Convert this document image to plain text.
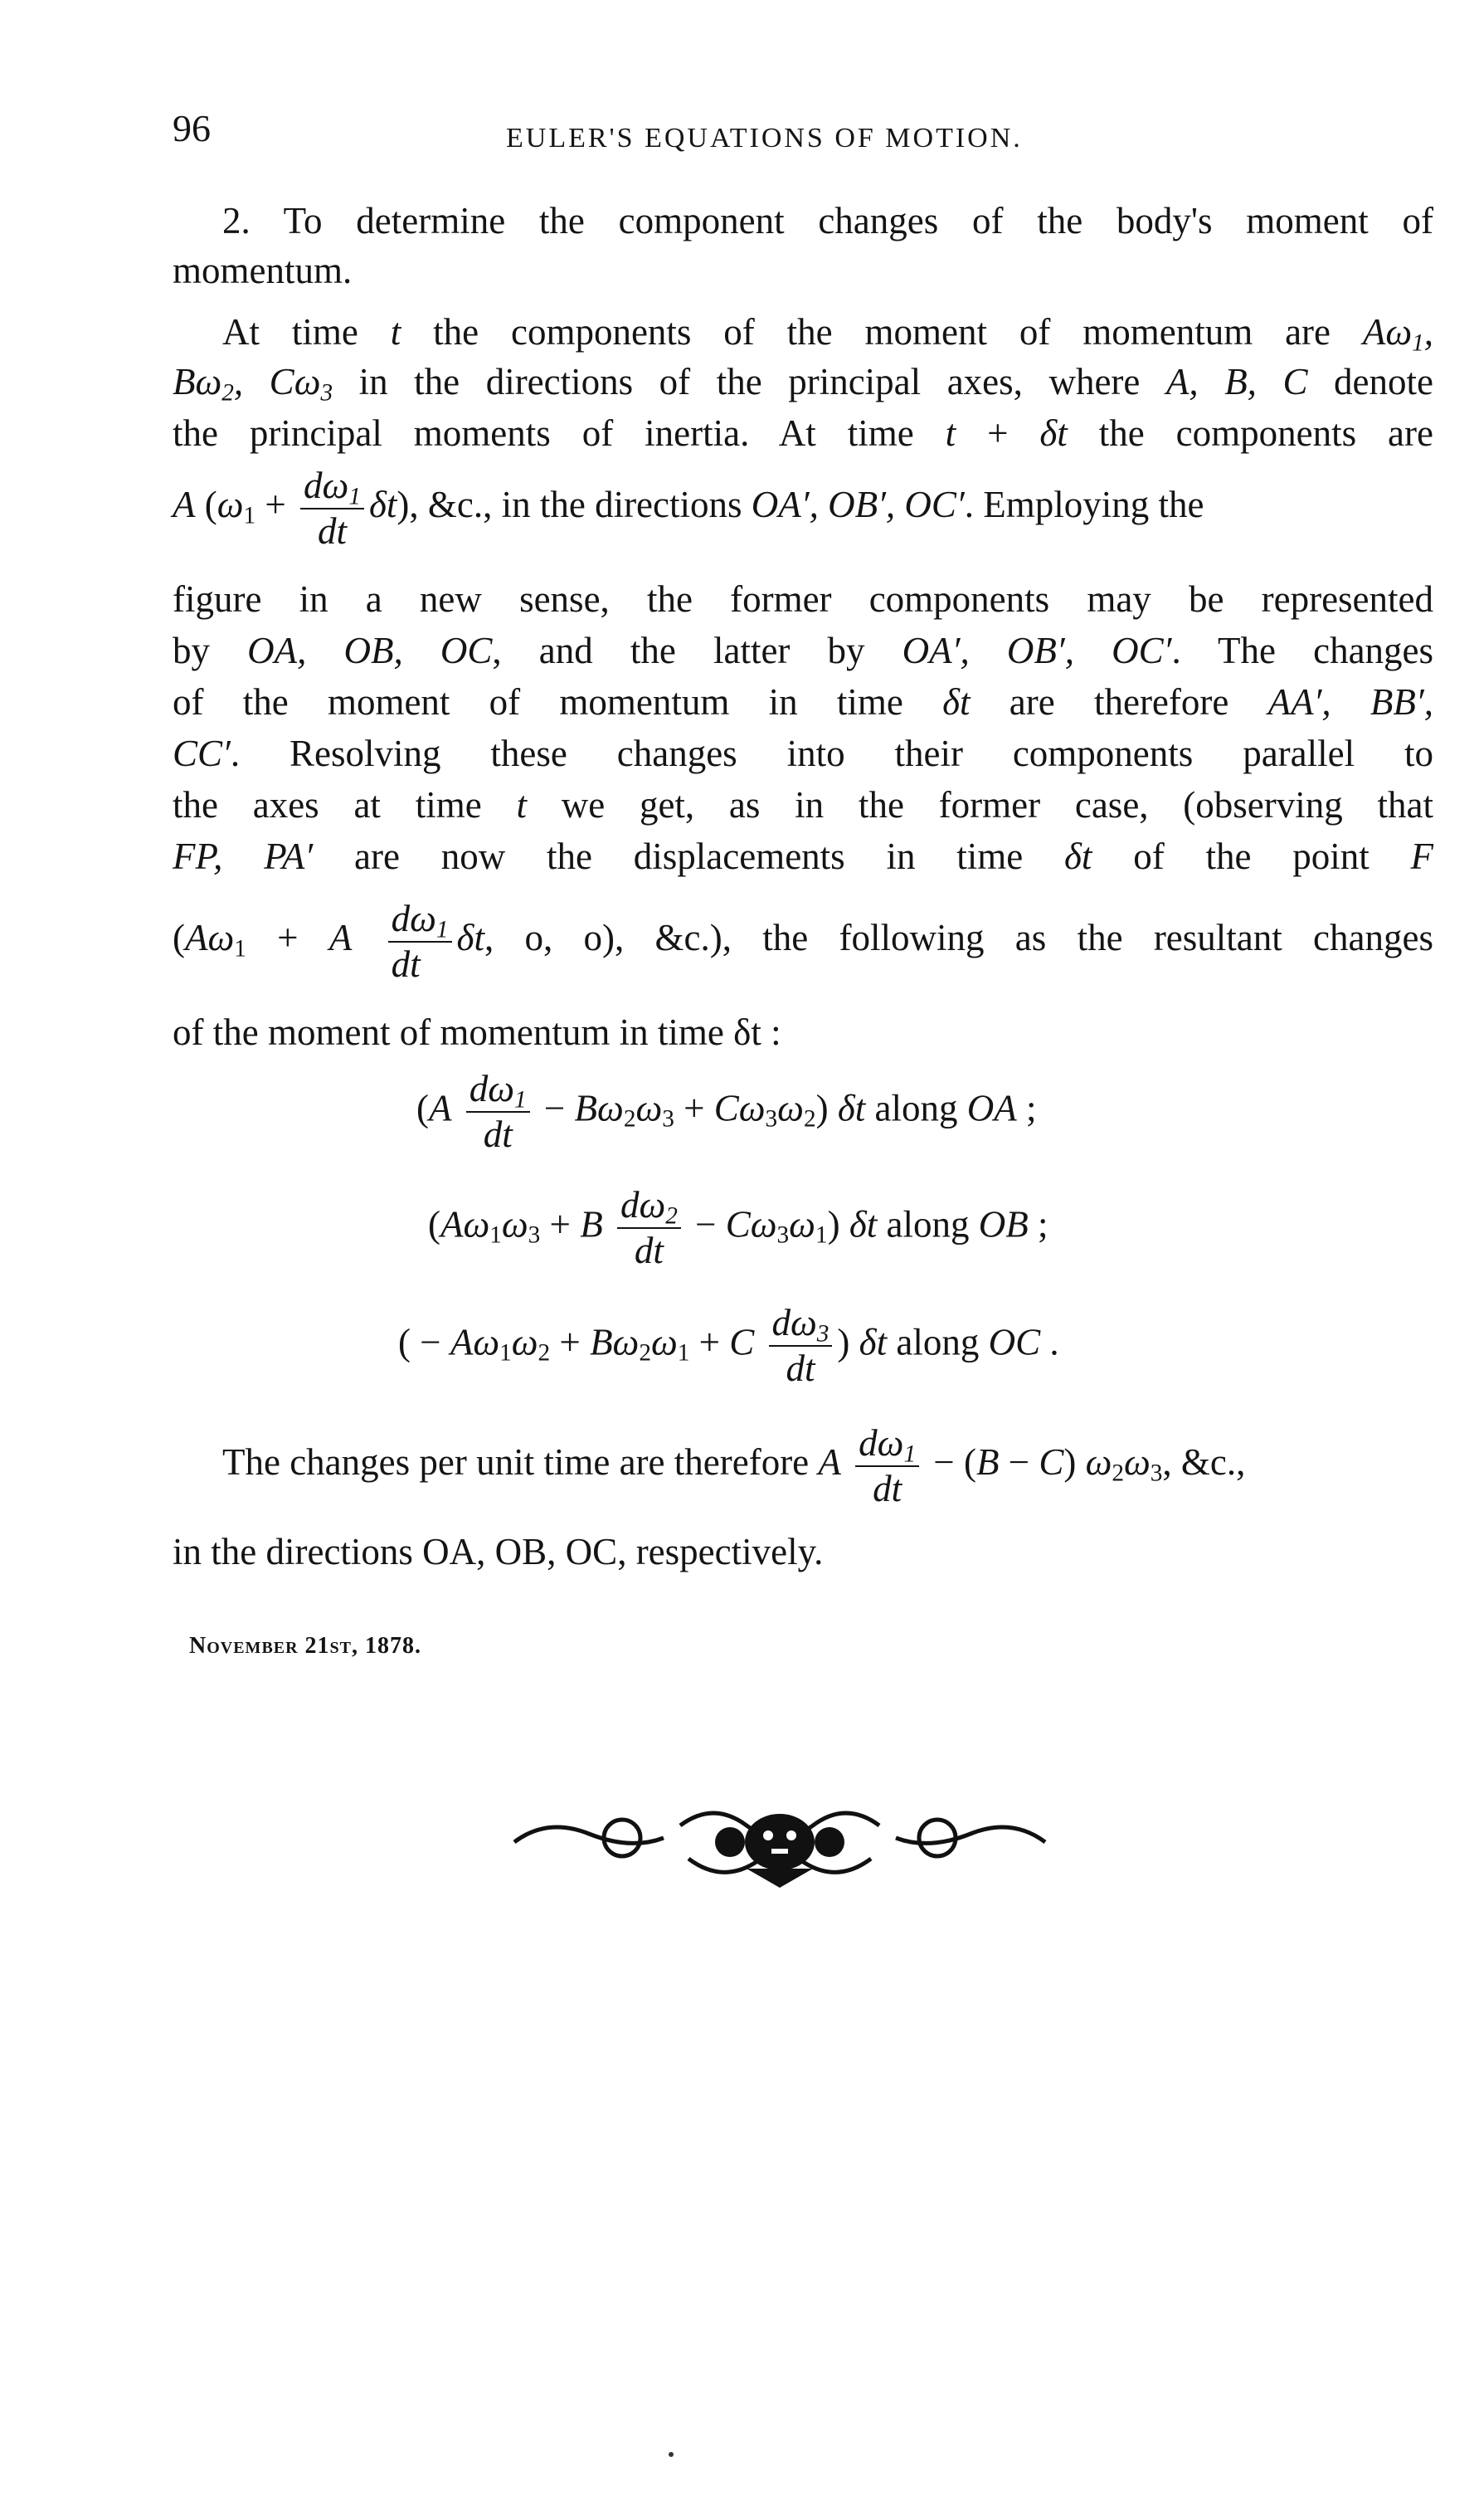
96	EULER'S EQUATIONS OF MOTION.
2. To determine the component changes of the body's moment of
momentum.
At time t the components of the moment of momentum are $A\omega_1$,
$B\omega_2$, $C\omega_3$ in the directions of the principal axes, where A, B, C denote
the principal moments of inertia. At time t + δt the components are
A $(\omega_1 + \frac{d\omega_1}{dt} \delta t)$, &c., in the directions OA′, OB′, OC′. Employing the
figure in a new sense, the former components may be represented
by OA, OB, OC, and the latter by OA′, OB′, OC′. The changes
of the moment of momentum in time δt are therefore AA′, BB′,
CC′. Resolving these changes into their components parallel to
the axes at time t we get, as in the former case, (observing that
FP, PA′ are now the displacements in time δt of the point F
($A\omega_1 + A \frac{d\omega_1}{dt} \delta t$, o, o), &c.), the following as the resultant changes
of the moment of momentum in time δt :
$(A \frac{d\omega_1}{dt} - B\omega_2\omega_3 + C\omega_3\omega_2)$ δt along OA ;
$(A\omega_1\omega_3 + B \frac{d\omega_2}{dt} - C\omega_3\omega_1)$ δt along OB ;
( − $A\omega_1\omega_2 + B\omega_2\omega_1 + C \frac{d\omega_3}{dt}$ ) δt along OC .
The changes per unit time are therefore A $\frac{d\omega_1}{dt} - (B - C)$ $\omega_2\omega_3$, &c.,
in the directions OA, OB, OC, respectively.
November 21st, 1878.
